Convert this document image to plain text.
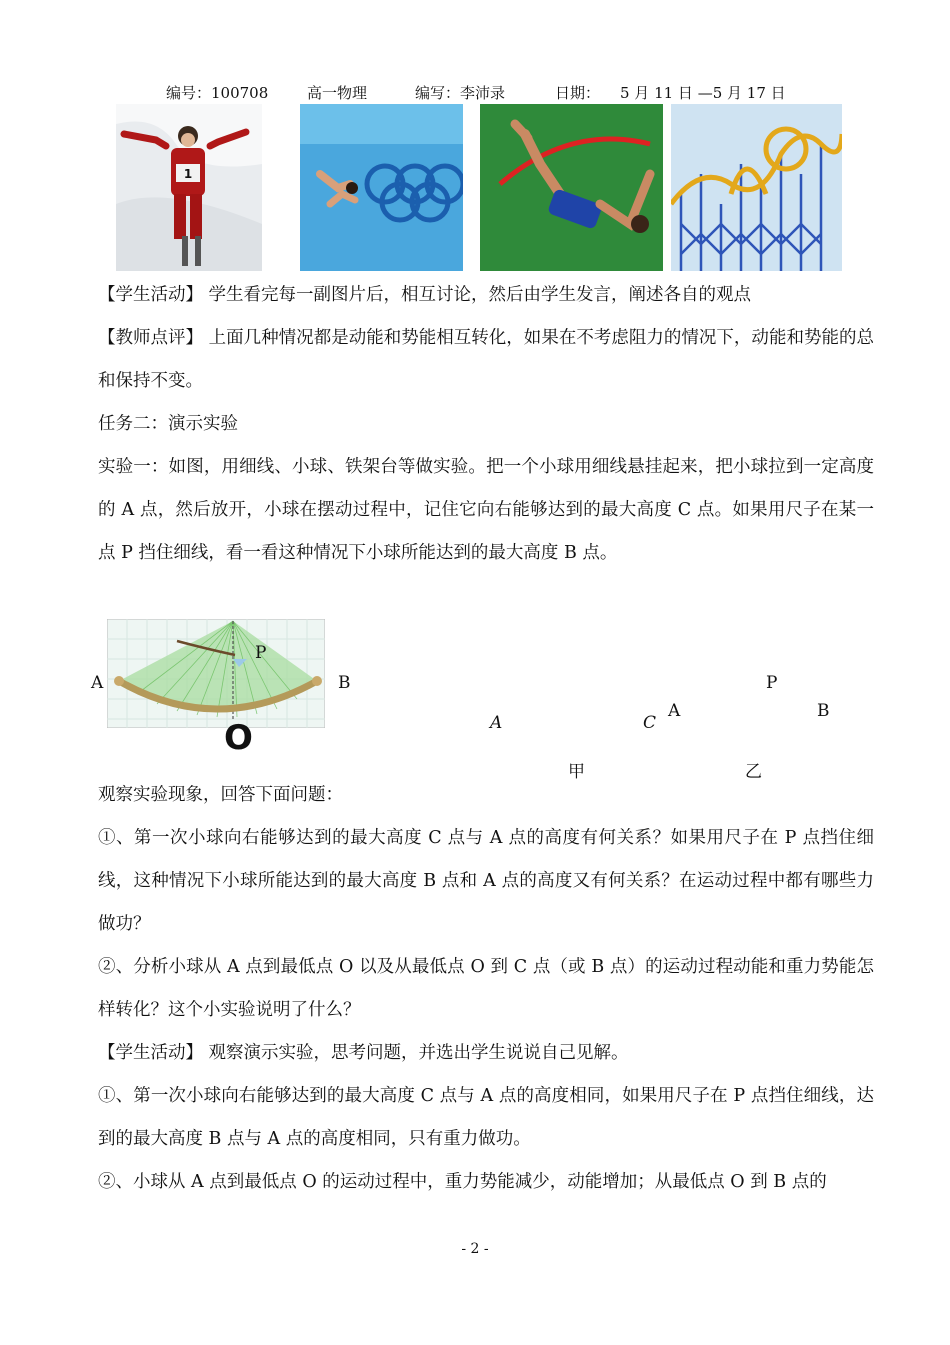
编号：100708	高一物理	编写：李沛录	日期： 5 月 11 日 —5 月 17 日
1

【学生活动】 学生看完每一副图片后，相互讨论，然后由学生发言，阐述各自的观点

【教师点评】 上面几种情况都是动能和势能相互转化，如果在不考虑阻力的情况下，动能和势能的总和保持不变。

任务二：演示实验

实验一：如图，用细线、小球、铁架台等做实验。把一个小球用细线悬挂起来，把小球拉到一定高度的 A 点，然后放开，小球在摆动过程中，记住它向右能够达到的最大高度 C 点。如果用尺子在某一点 P 挡住细线，看一看这种情况下小球所能达到的最大高度 B 点。

A	B
P
O	A	C
甲
P
A	B
乙

观察实验现象，回答下面问题：

①、第一次小球向右能够达到的最大高度 C 点与 A 点的高度有何关系？如果用尺子在 P 点挡住细线，这种情况下小球所能达到的最大高度 B 点和 A 点的高度又有何关系？在运动过程中都有哪些力做功？

②、分析小球从 A 点到最低点 O 以及从最低点 O 到 C 点（或 B 点）的运动过程动能和重力势能怎样转化？这个小实验说明了什么？

【学生活动】 观察演示实验，思考问题，并选出学生说说自己见解。

①、第一次小球向右能够达到的最大高度 C 点与 A 点的高度相同，如果用尺子在 P 点挡住细线，达到的最大高度 B 点与 A 点的高度相同，只有重力做功。

②、小球从 A 点到最低点 O 的运动过程中，重力势能减少，动能增加；从最低点 O 到 B 点的

- 2 -
